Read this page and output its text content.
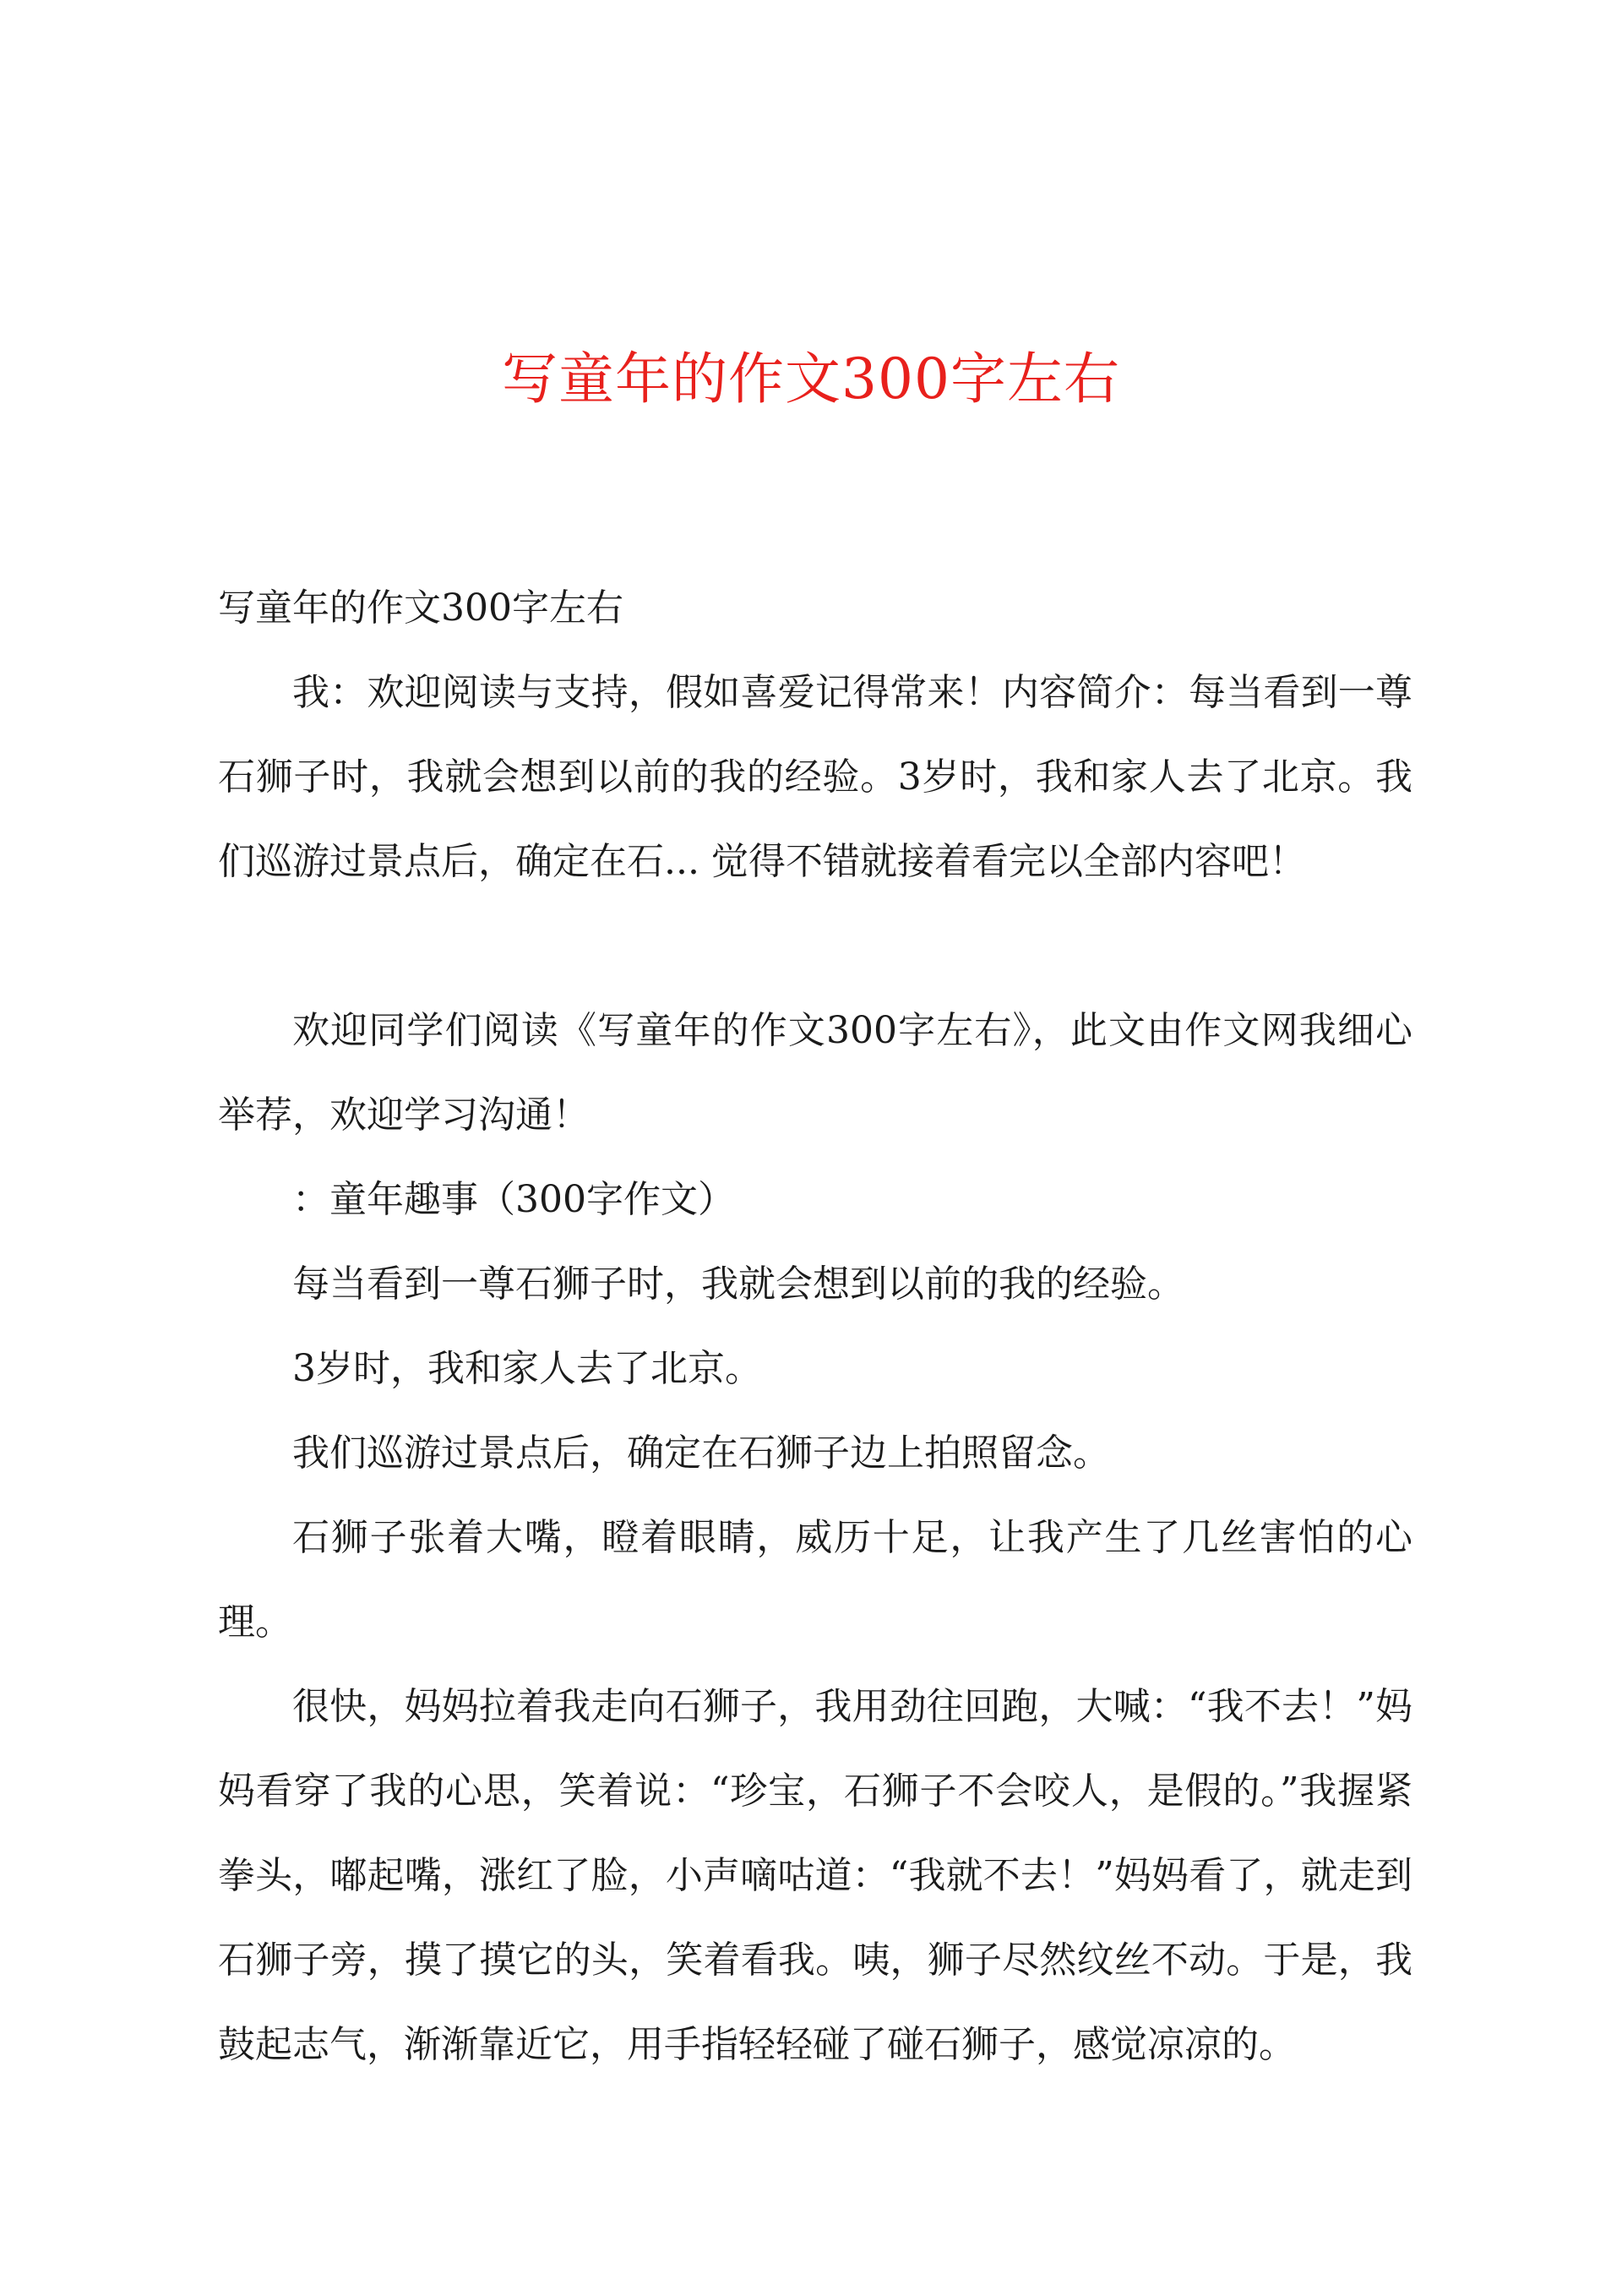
写童年的作文300字左右

写童年的作文300字左右

我：欢迎阅读与支持，假如喜爱记得常来！内容简介：每当看到一尊石狮子时，我就会想到以前的我的经验。3岁时，我和家人去了北京。我们巡游过景点后，确定在石... 觉得不错就接着看完以全部内容吧！

欢迎同学们阅读《写童年的作文300字左右》，此文由作文网我细心举荐，欢迎学习沟通！

：童年趣事（300字作文）

每当看到一尊石狮子时，我就会想到以前的我的经验。

3岁时，我和家人去了北京。

我们巡游过景点后，确定在石狮子边上拍照留念。

石狮子张着大嘴，瞪着眼睛，威历十足，让我产生了几丝害怕的心理。

很快，妈妈拉着我走向石狮子，我用劲往回跑，大喊：“我不去！”妈妈看穿了我的心思，笑着说：“珍宝，石狮子不会咬人，是假的。”我握紧拳头，嘟起嘴，涨红了脸，小声嘀咕道：“我就不去！”妈妈看了，就走到石狮子旁，摸了摸它的头，笑着看我。咦，狮子尽然纹丝不动。于是，我鼓起志气，渐渐靠近它，用手指轻轻碰了碰石狮子，感觉凉凉的。
